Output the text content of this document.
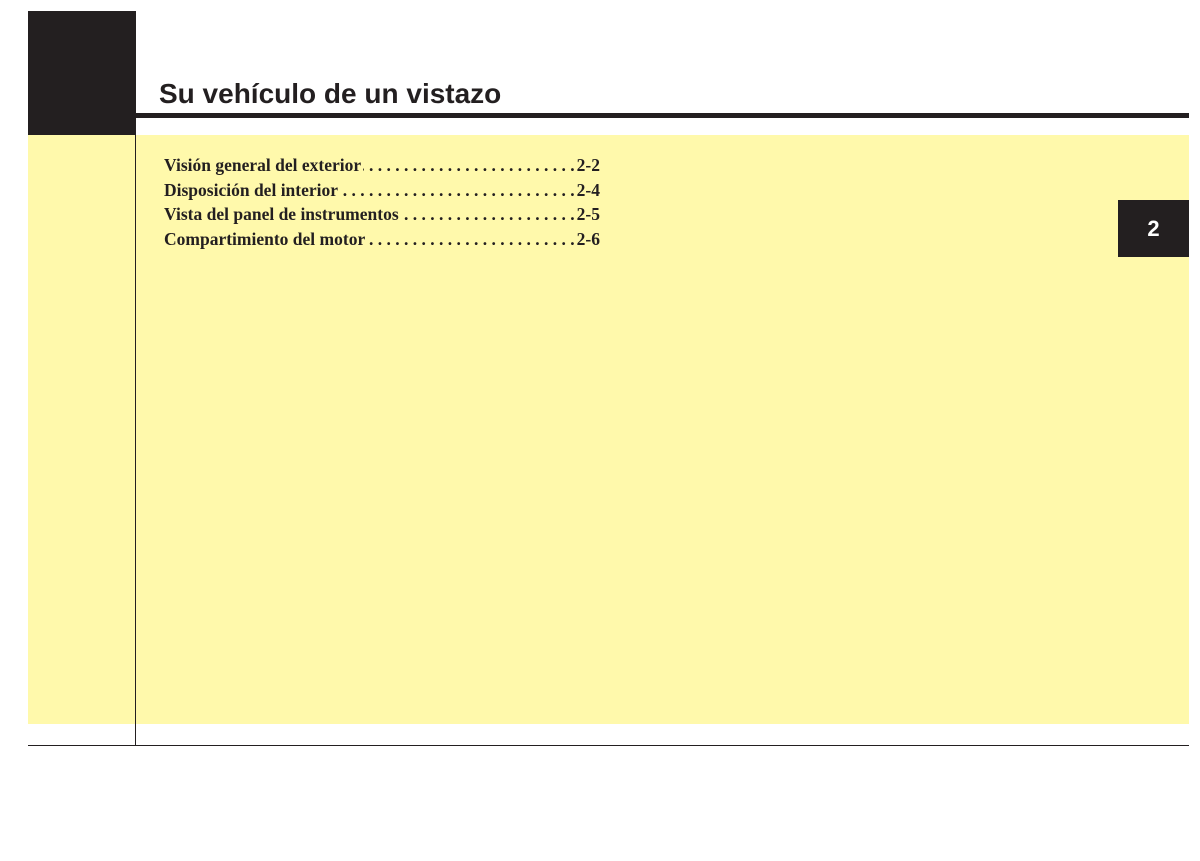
Su vehículo de un vistazo
Visión general del exterior . . .	2-2
Disposición del interior . . .	2-4
Vista del panel de instrumentos . . .	2-5
Compartimiento del motor . . .	2-6	2
